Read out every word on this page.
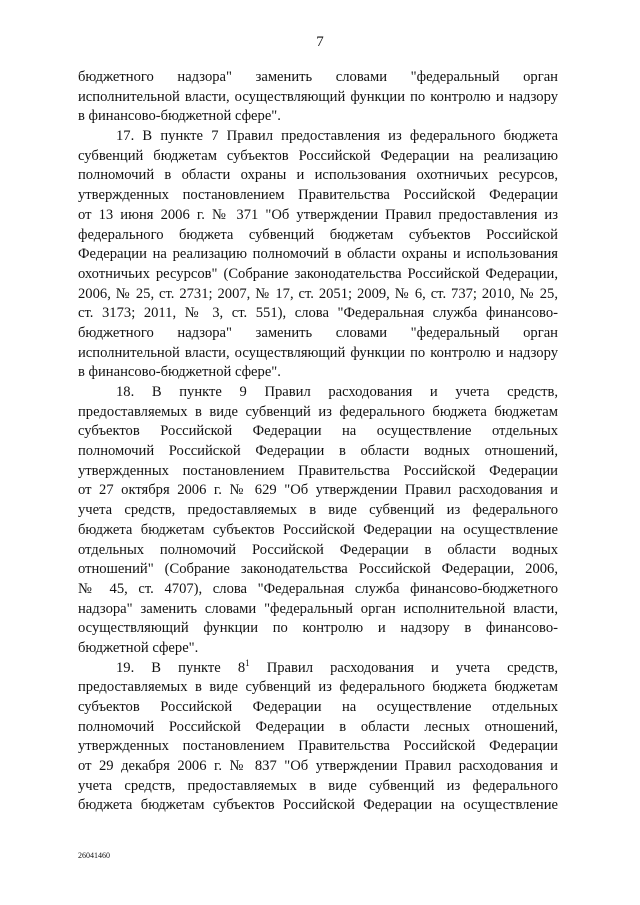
7
бюджетного надзора" заменить словами "федеральный орган
исполнительной власти, осуществляющий функции по контролю и надзору
в финансово-бюджетной сфере".
17. В пункте 7 Правил предоставления из федерального бюджета
субвенций бюджетам субъектов Российской Федерации на реализацию
полномочий в области охраны и использования охотничьих ресурсов,
утвержденных постановлением Правительства Российской Федерации
от 13 июня 2006 г. № 371 "Об утверждении Правил предоставления из
федерального бюджета субвенций бюджетам субъектов Российской
Федерации на реализацию полномочий в области охраны и использования
охотничьих ресурсов" (Собрание законодательства Российской Федерации,
2006, № 25, ст. 2731; 2007, № 17, ст. 2051; 2009, № 6, ст. 737; 2010, № 25,
ст. 3173; 2011, № 3, ст. 551), слова "Федеральная служба финансово-
бюджетного надзора" заменить словами "федеральный орган
исполнительной власти, осуществляющий функции по контролю и надзору
в финансово-бюджетной сфере".
18. В пункте 9 Правил расходования и учета средств,
предоставляемых в виде субвенций из федерального бюджета бюджетам
субъектов Российской Федерации на осуществление отдельных
полномочий Российской Федерации в области водных отношений,
утвержденных постановлением Правительства Российской Федерации
от 27 октября 2006 г. № 629 "Об утверждении Правил расходования и
учета средств, предоставляемых в виде субвенций из федерального
бюджета бюджетам субъектов Российской Федерации на осуществление
отдельных полномочий Российской Федерации в области водных
отношений" (Собрание законодательства Российской Федерации, 2006,
№ 45, ст. 4707), слова "Федеральная служба финансово-бюджетного
надзора" заменить словами "федеральный орган исполнительной власти,
осуществляющий функции по контролю и надзору в финансово-
бюджетной сфере".
19. В пункте 8$^1$ Правил расходования и учета средств,
предоставляемых в виде субвенций из федерального бюджета бюджетам
субъектов Российской Федерации на осуществление отдельных
полномочий Российской Федерации в области лесных отношений,
утвержденных постановлением Правительства Российской Федерации
от 29 декабря 2006 г. № 837 "Об утверждении Правил расходования и
учета средств, предоставляемых в виде субвенций из федерального
бюджета бюджетам субъектов Российской Федерации на осуществление
26041460
